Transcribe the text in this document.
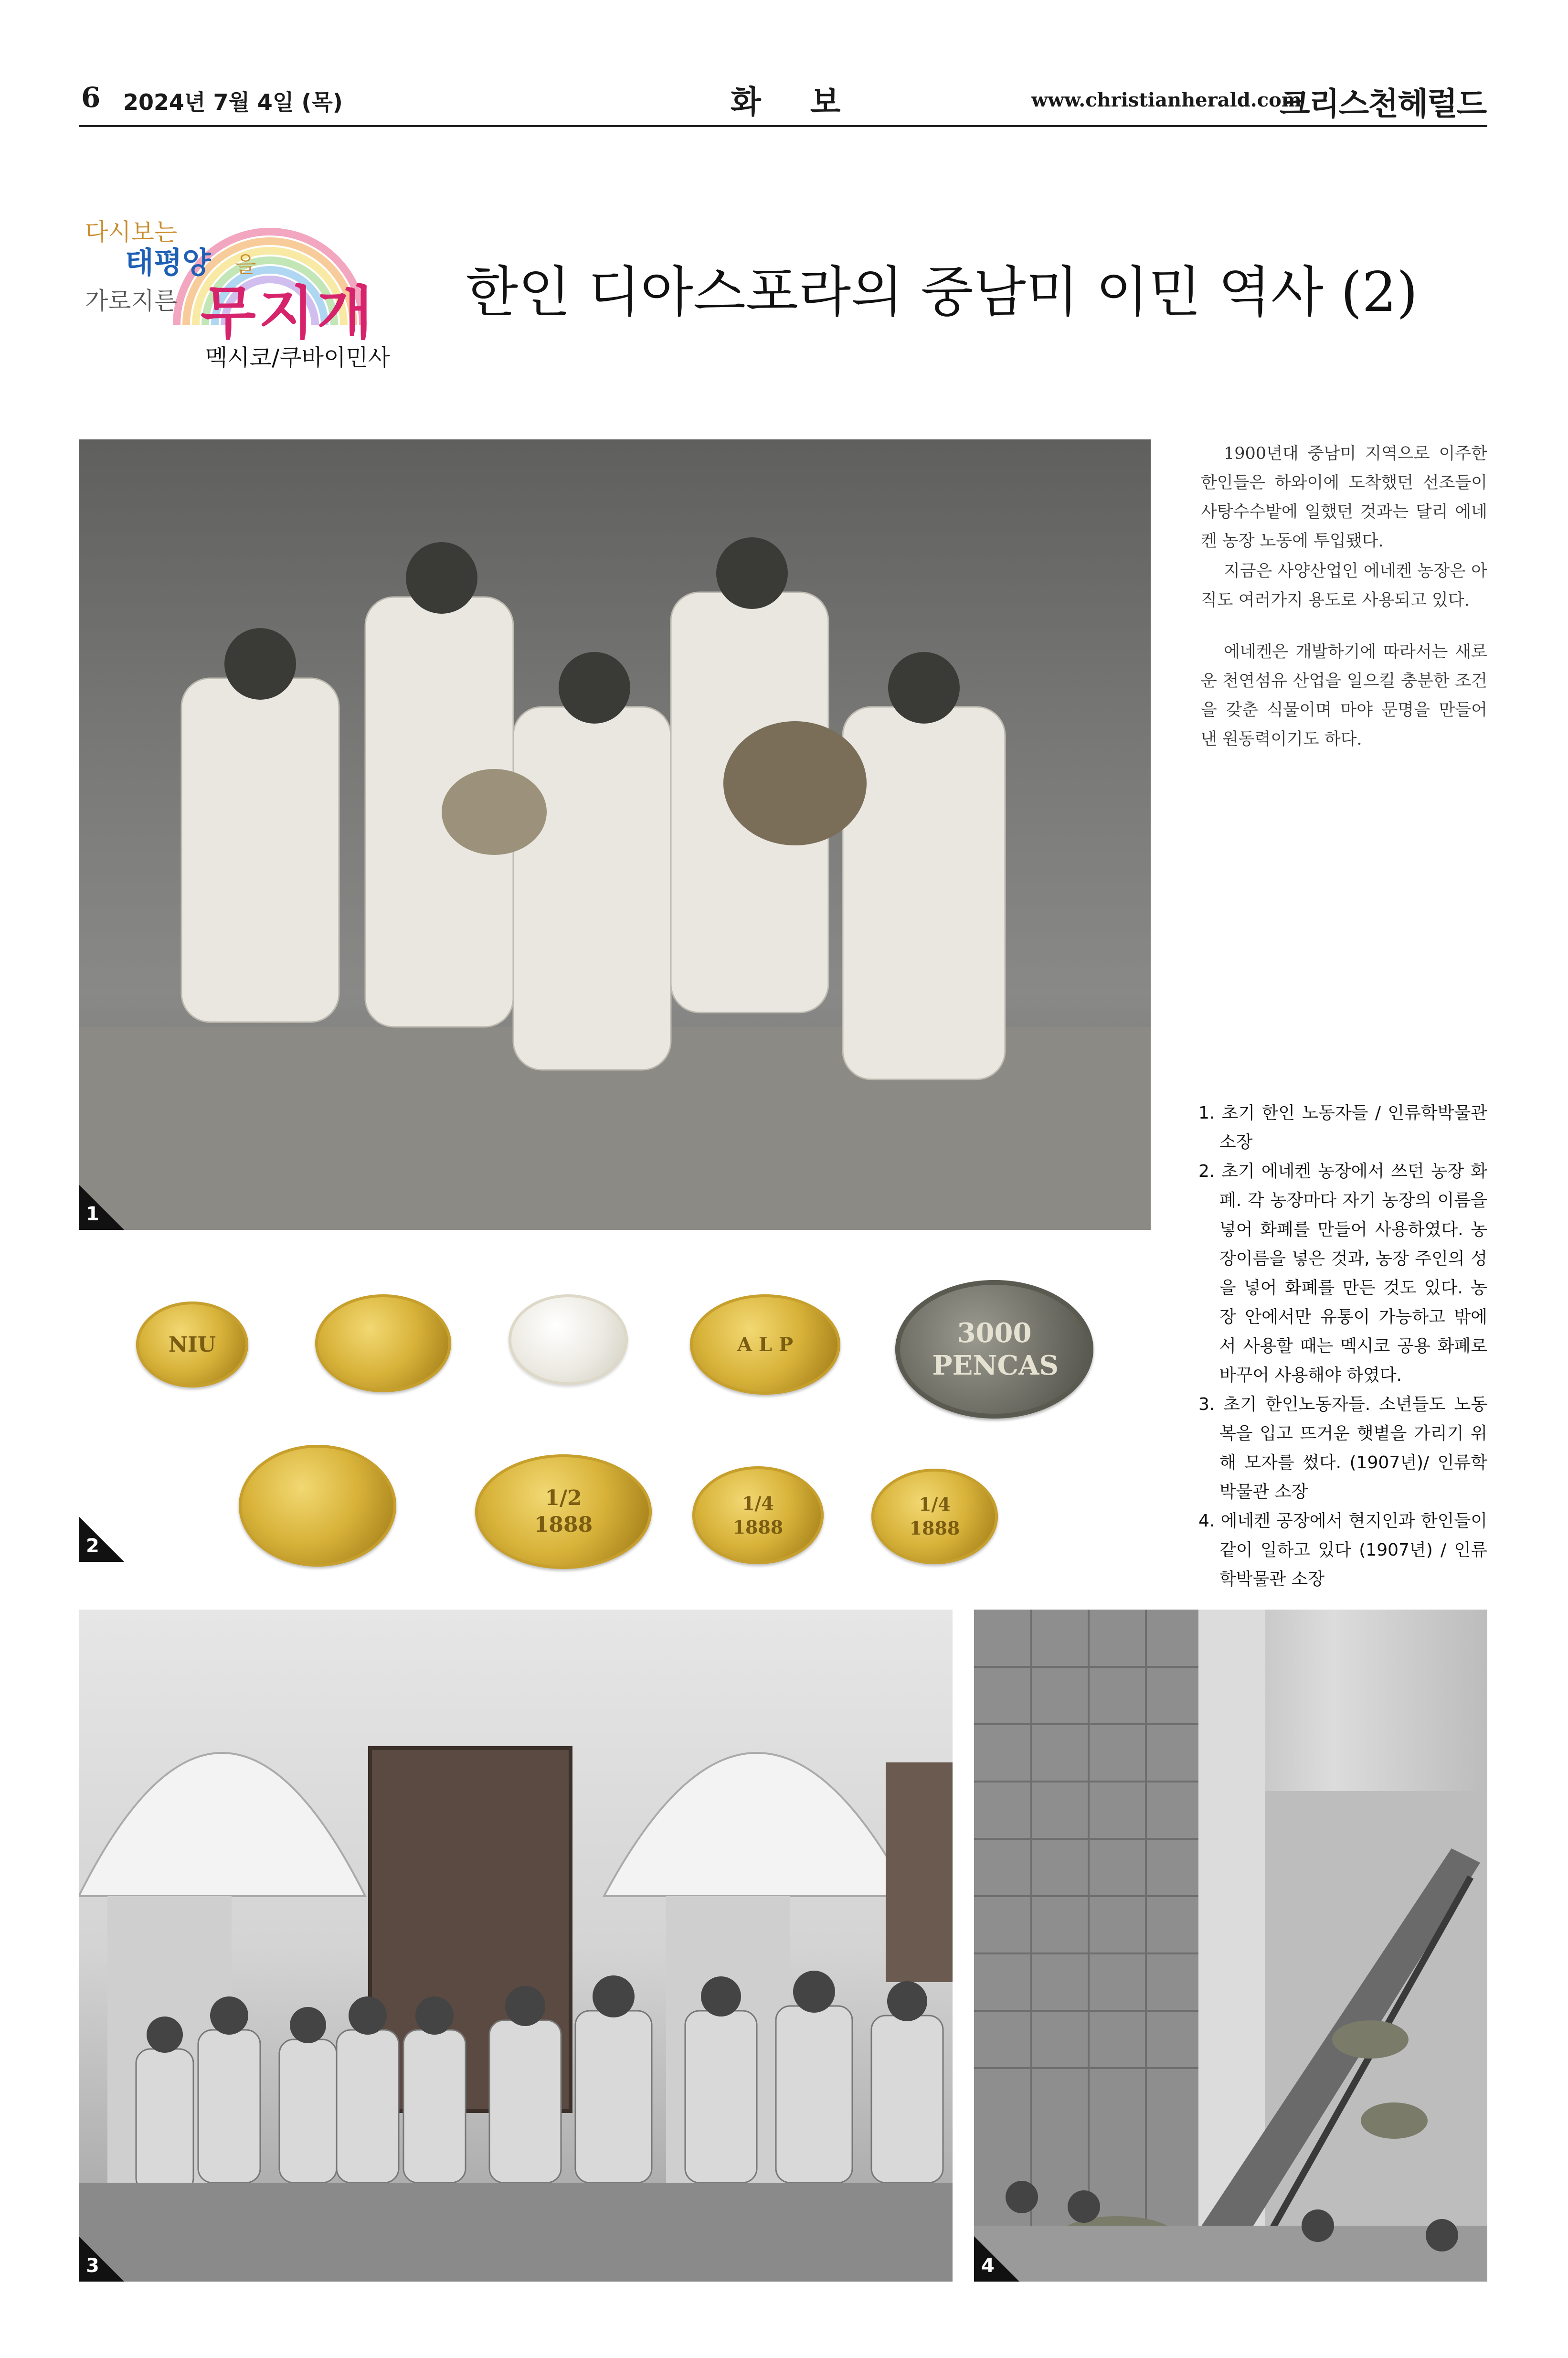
6 2024년 7월 4일 (목)	화 보	www.christianherald.com
크리스천헤럴드
다시보는
태평양 을
가로지른 무지개
멕시코/쿠바이민사
한인 디아스포라의 중남미 이민 역사 (2)
1
1900년대 중남미 지역으로 이주한 한인들은 하와이에 도착했던 선조들이 사탕수수밭에 일했던 것과는 달리 에네켄 농장 노동에 투입됐다.
지금은 사양산업인 에네켄 농장은 아직도 여러가지 용도로 사용되고 있다.
에네켄은 개발하기에 따라서는 새로운 천연섬유 산업을 일으킬 충분한 조건을 갖춘 식물이며 마야 문명을 만들어 낸 원동력이기도 하다.
1. 초기 한인 노동자들 / 인류학박물관 소장
2. 초기 에네켄 농장에서 쓰던 농장 화폐. 각 농장마다 자기 농장의 이름을 넣어 화폐를 만들어 사용하였다. 농장이름을 넣은 것과, 농장 주인의 성을 넣어 화폐를 만든 것도 있다. 농장 안에서만 유통이 가능하고 밖에서 사용할 때는 멕시코 공용 화폐로 바꾸어 사용해야 하였다.
3. 초기 한인노동자들. 소년들도 노동복을 입고 뜨거운 햇볕을 가리기 위해 모자를 썼다. (1907년)/ 인류학박물관 소장
4. 에네켄 공장에서 현지인과 한인들이 같이 일하고 있다 (1907년) / 인류학박물관 소장
NIU	A L P	3000 PENCAS
1/2 1888
1/4 1888
1/4 1888
2
3	4
